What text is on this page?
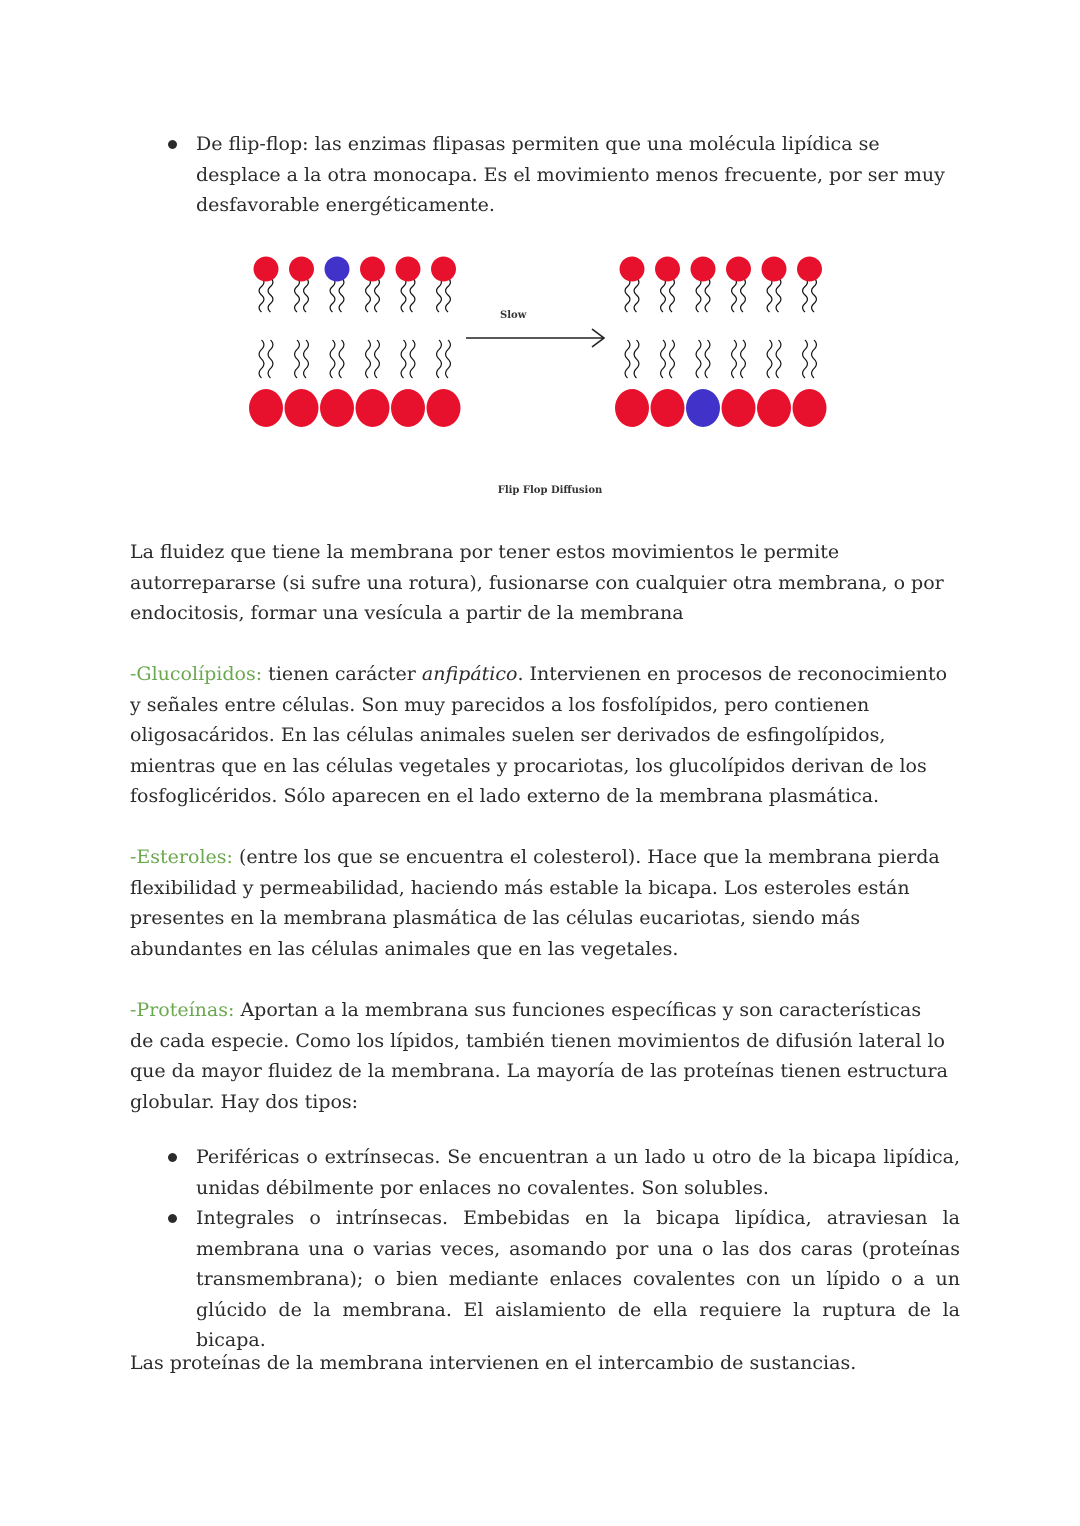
De flip-flop: las enzimas flipasas permiten que una molécula lipídica se desplace a la otra monocapa. Es el movimiento menos frecuente, por ser muy desfavorable energéticamente.
Slow
Flip Flop Diffusion

La fluidez que tiene la membrana por tener estos movimientos le permite autorrepararse (si sufre una rotura), fusionarse con cualquier otra membrana, o por endocitosis, formar una vesícula a partir de la membrana

-Glucolípidos: tienen carácter anfipático. Intervienen en procesos de reconocimiento y señales entre células. Son muy parecidos a los fosfolípidos, pero contienen oligosacáridos. En las células animales suelen ser derivados de esfingolípidos, mientras que en las células vegetales y procariotas, los glucolípidos derivan de los fosfoglicéridos. Sólo aparecen en el lado externo de la membrana plasmática.

-Esteroles: (entre los que se encuentra el colesterol). Hace que la membrana pierda flexibilidad y permeabilidad, haciendo más estable la bicapa. Los esteroles están presentes en la membrana plasmática de las células eucariotas, siendo más abundantes en las células animales que en las vegetales.

-Proteínas: Aportan a la membrana sus funciones específicas y son características de cada especie. Como los lípidos, también tienen movimientos de difusión lateral lo que da mayor fluidez de la membrana. La mayoría de las proteínas tienen estructura globular. Hay dos tipos:

Periféricas o extrínsecas. Se encuentran a un lado u otro de la bicapa lipídica, unidas débilmente por enlaces no covalentes. Son solubles.
Integrales o intrínsecas. Embebidas en la bicapa lipídica, atraviesan la membrana una o varias veces, asomando por una o las dos caras (proteínas transmembrana); o bien mediante enlaces covalentes con un lípido o a un glúcido de la membrana. El aislamiento de ella requiere la ruptura de la bicapa.

Las proteínas de la membrana intervienen en el intercambio de sustancias.
